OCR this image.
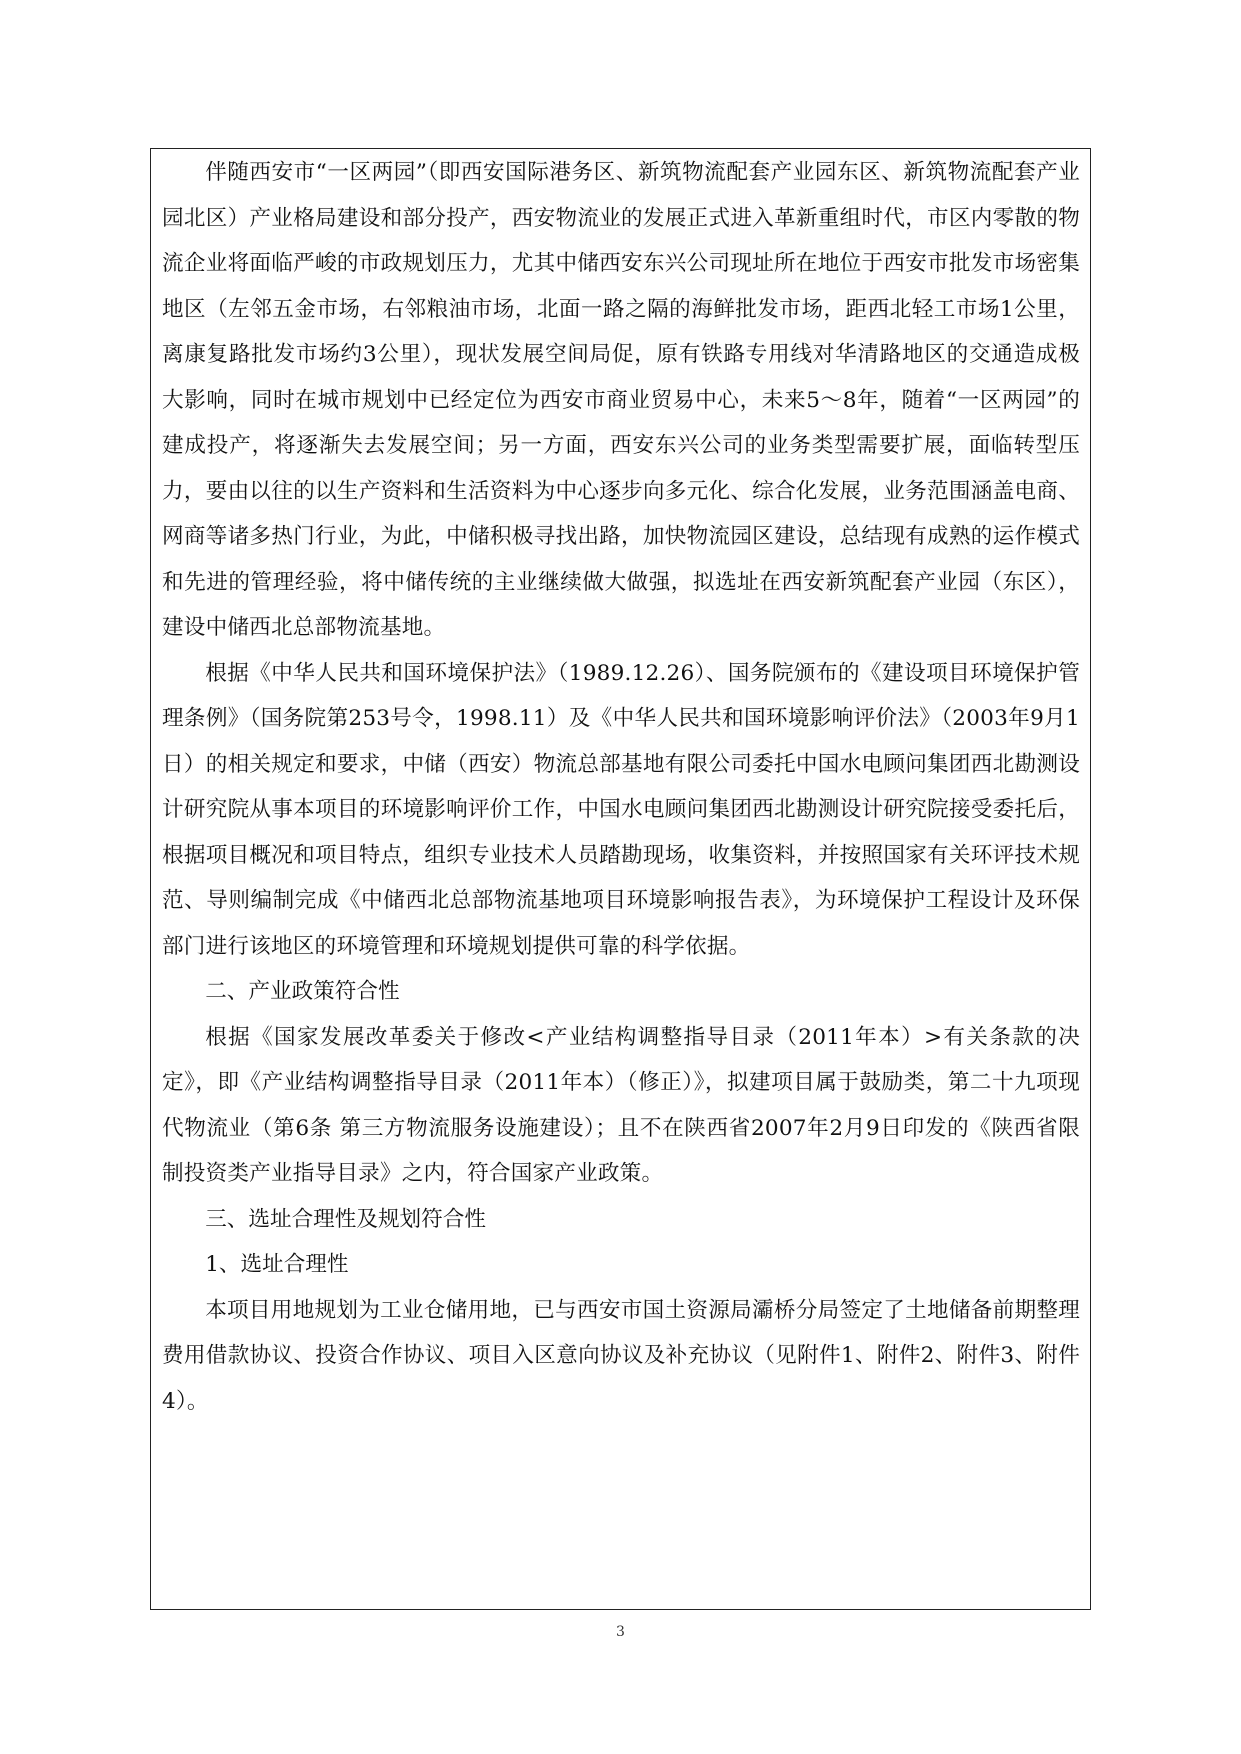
伴随西安市“一区两园”（即西安国际港务区、新筑物流配套产业园东区、新筑物流配套产业园北区）产业格局建设和部分投产，西安物流业的发展正式进入革新重组时代，市区内零散的物流企业将面临严峻的市政规划压力，尤其中储西安东兴公司现址所在地位于西安市批发市场密集地区（左邻五金市场，右邻粮油市场，北面一路之隔的海鲜批发市场，距西北轻工市场1公里，离康复路批发市场约3公里），现状发展空间局促，原有铁路专用线对华清路地区的交通造成极大影响，同时在城市规划中已经定位为西安市商业贸易中心，未来5～8年，随着“一区两园”的建成投产，将逐渐失去发展空间；另一方面，西安东兴公司的业务类型需要扩展，面临转型压力，要由以往的以生产资料和生活资料为中心逐步向多元化、综合化发展，业务范围涵盖电商、网商等诸多热门行业，为此，中储积极寻找出路，加快物流园区建设，总结现有成熟的运作模式和先进的管理经验，将中储传统的主业继续做大做强，拟选址在西安新筑配套产业园（东区），建设中储西北总部物流基地。

根据《中华人民共和国环境保护法》（1989.12.26）、国务院颁布的《建设项目环境保护管理条例》（国务院第253号令，1998.11）及《中华人民共和国环境影响评价法》（2003年9月1日）的相关规定和要求，中储（西安）物流总部基地有限公司委托中国水电顾问集团西北勘测设计研究院从事本项目的环境影响评价工作，中国水电顾问集团西北勘测设计研究院接受委托后，根据项目概况和项目特点，组织专业技术人员踏勘现场，收集资料，并按照国家有关环评技术规范、导则编制完成《中储西北总部物流基地项目环境影响报告表》，为环境保护工程设计及环保部门进行该地区的环境管理和环境规划提供可靠的科学依据。

二、产业政策符合性

根据《国家发展改革委关于修改<产业结构调整指导目录（2011年本）>有关条款的决定》，即《产业结构调整指导目录（2011年本）（修正）》，拟建项目属于鼓励类，第二十九项现代物流业（第6条 第三方物流服务设施建设）；且不在陕西省2007年2月9日印发的《陕西省限制投资类产业指导目录》之内，符合国家产业政策。

三、选址合理性及规划符合性

1、选址合理性

本项目用地规划为工业仓储用地，已与西安市国土资源局灞桥分局签定了土地储备前期整理费用借款协议、投资合作协议、项目入区意向协议及补充协议（见附件1、附件2、附件3、附件4）。

3
